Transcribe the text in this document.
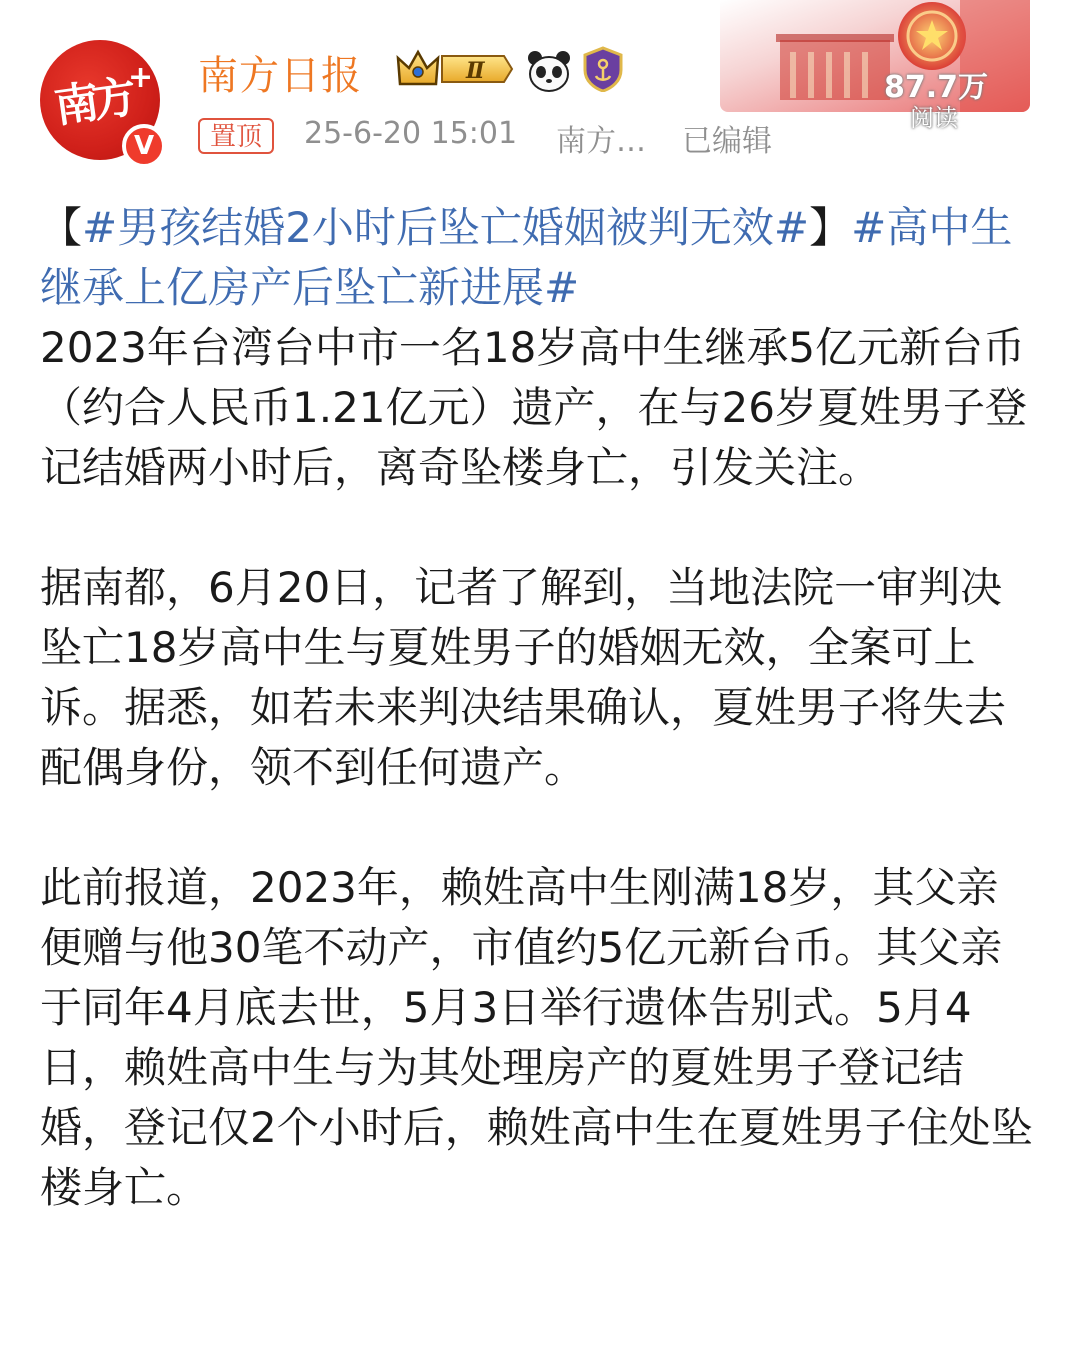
南方
+
V
南方日报	Ⅱ
置顶	25-6-20 15:01 南方… 已编辑
87.7万
阅读

【#男孩结婚2小时后坠亡婚姻被判无效#】#高中生继承上亿房产后坠亡新进展#
2023年台湾台中市一名18岁高中生继承5亿元新台币（约合人民币1.21亿元）遗产，在与26岁夏姓男子登记结婚两小时后，离奇坠楼身亡，引发关注。

据南都，6月20日，记者了解到，当地法院一审判决坠亡18岁高中生与夏姓男子的婚姻无效，全案可上诉。据悉，如若未来判决结果确认，夏姓男子将失去配偶身份，领不到任何遗产。

此前报道，2023年，赖姓高中生刚满18岁，其父亲便赠与他30笔不动产，市值约5亿元新台币。其父亲于同年4月底去世，5月3日举行遗体告别式。5月4日，赖姓高中生与为其处理房产的夏姓男子登记结婚，登记仅2个小时后，赖姓高中生在夏姓男子住处坠楼身亡。
